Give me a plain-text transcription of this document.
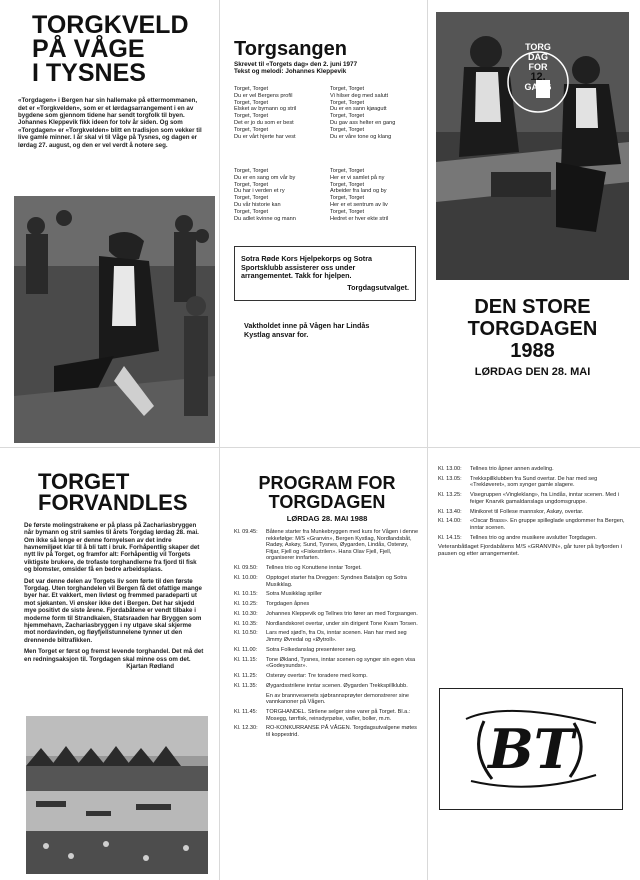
TORGKVELD
PÅ VÅGE
I TYSNES
«Torgdagen» i Bergen har sin hallemake på ettermommanen, det er «Torgkvelden», som er et lørdagsarrangement i en av bygdene som gjennom tidene har sendt torgfolk til byen. Johannes Kleppevik fikk ideen for tolv år siden. Og som «Torgdagen» er «Torgkvelden» blitt en tradisjon som vekker til live gamle minner. I år skal vi til Våge på Tysnes, og dagen er lørdag 27. august, og den er vel verdt å notere seg.
Torgsangen
Skrevet til «Torgets dag» den 2. juni 1977
Tekst og melodi: Johannes Kleppevik
Torget, Torget
Du er vel Bergens profil
Torget, Torget
Elsket av bymann og stril
Torget, Torget
Det er jo du som er best
Torget, Torget
Du er vårt hjerte har vest
Torget, Torget
Vi hilser deg med salutt
Torget, Torget
Du er en sann kjøagutt
Torget, Torget
Du gav ass helter en gang
Torget, Torget
Du er våre tone og klang
Torget, Torget
Du er en sang om vår by
Torget, Torget
Du har i verden et ry
Torget, Torget
Du vår historie kan
Torget, Torget
Du adlet kvinne og mann
Torget, Torget
Her er vi samlet på ny
Torget, Torget
Arbeider fra land og by
Torget, Torget
Her er et sentrum av liv
Torget, Torget
Hedret er hver ekte stril
Sotra Røde Kors Hjelpekorps og Sotra Sportsklubb assisterer oss under arrangementet. Takk for hjelpen.
Torgdagsutvalget.
Vaktholdet inne på Vågen har Lindås Kystlag ansvar for.
TORG
DAG
FOR
12.
GANG
DEN STORE
TORGDAGEN
1988
LØRDAG DEN 28. MAI
TORGET
FORVANDLES
De første molingstrakene er på plass på Zachariasbryggen når bymann og stril samles til årets Torgdag lørdag 28. mai. Om ikke så lenge er denne fornyelsen av det indre havnemiljøet klar til å bli tatt i bruk. Forhåpentlig skaper det nytt liv på Torget, og framfor alt: Forhåpentlig vil Torgets viktigste brukere, de trofaste torghandlerne fra fjord til fisk og blomster, omsider få en bedre arbeidsplass.
Det var denne delen av Torgets liv som førte til den første Torgdag. Uten torghandelen vil Bergen få det ofattige mange byer har. Et vakkert, men livløst og fremmed paradeparti ut mot sjøkanten. Vi ønsker ikke det i Bergen. Det har skjedd mye positivt de siste årene. Fjordabåtene er vendt tilbake i moderne form til Strandkaien, Statsraaden har Bryggen som hjemmehavn, Zachariasbryggen i ny utgave skal skjerme mot nordavinden, og fløyfjellstunnelene tynner ut den drennende biltrafikken.
Men Torget er først og fremst levende torghandel. Det må det en redningsaksjon til. Torgdagen skal minne oss om det.
Kjartan Rødland
PROGRAM FOR
TORGDAGEN
LØRDAG 28. MAI 1988
Kl. 09.45:	Båtene starter fra Munkebryggen med kurs for Vågen i denne rekkefølge: M/S «Granvin», Bergen Kystlag, Nordlandsbåt, Radøy, Askøy, Sund, Tysnes, Øygarden, Lindås, Osterøy, Fitjar, Fjell og «Fiskestrilen». Hans Olav Fjell, Fjell, organiserer innfarten.
Kl. 09.50:	Tellnes trio og Konuttene inntar Torget.
Kl. 10.00:	Opptoget starter fra Dreggen: Syndnes Bataljon og Sotra Musikklag.
Kl. 10.15:	Sotra Musikklag spiller
Kl. 10.25:	Torgdagen åpnes
Kl. 10.30:	Johannes Kleppevik og Tellnes trio fører an med Torgsangen.
Kl. 10.35:	Nordlandskoret overtar, under sin dirigent Tone Kvam Torsen.
Kl. 10.50:	Lars med sjød'n, fra Os, inntar scenen. Han har med seg Jimmy Øvredal og «Øytroll».
Kl. 11.00:	Sotra Folkedanslag presenterer seg.
Kl. 11.15:	Tone Økland, Tysnes, inntar scenen og synger sin egen visa «Godeysundsr».
Kl. 11.25:	Osterøy overtar: Tre toradere med komp.
Kl. 11.35:	Øygardsstrilene inntar scenen. Øygarden Trekkspillklubb.
En av brannvesenets sjøbrannsprøyter demonstrerer sine vannkanoner på Vågen.
Kl. 11.45:	TORGHANDEL. Strilene selger sine varer på Torget. Bl.a.: Mosegg, tørrfisk, reinsdyrpølse, vafler, boller, m.m.
Kl. 12.30:	RO-KONKURRANSE PÅ VÅGEN. Torgdagsutvalgene møtes til koppestrid.
Kl. 13.00:	Tellnes trio åpner annen avdeling.
Kl. 13.05:	Trekkspillklubben fra Sund overtar. De har med seg «Trekløveret», som synger gamle slagere.
Kl. 13.25:	Visegruppen «Vingleklang», fra Lindås, inntar scenen. Med i feiger Knarvik gamaldanslags ungdomsgruppe.
Kl. 13.40:	Minikoret til Follese mannskor, Askøy, overtar.
Kl. 14.00:	«Oscar Brass». En gruppe spilleglade ungdommer fra Bergen, inntar scenen.
Kl. 14.15:	Tellnes trio og andre musikere avslutter Torgdagen.
Veteranbåtlaget Fjordabåtens M/S «GRANVIN», går turer på byfjorden i pausen og etter arrangementet.
BT
